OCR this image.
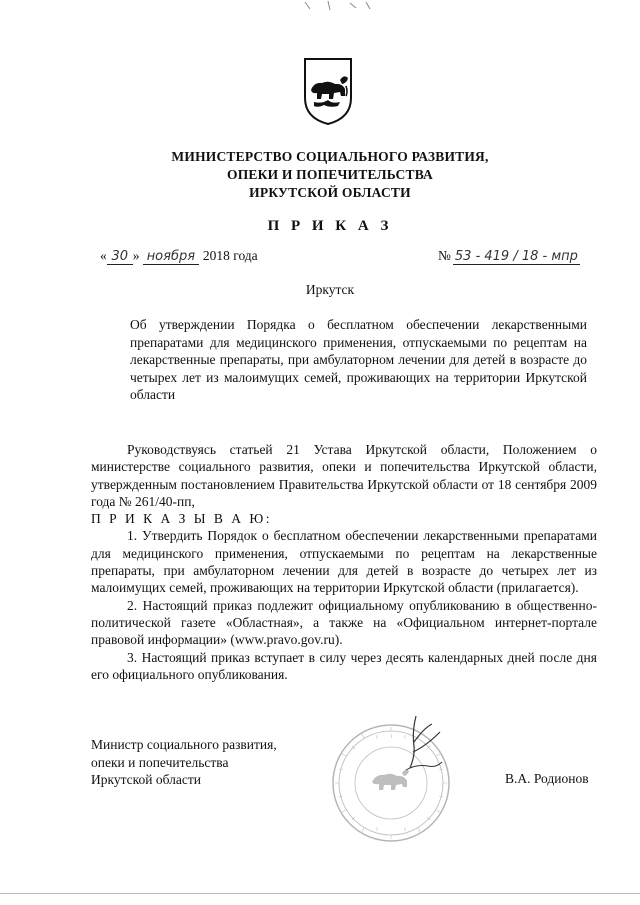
МИНИСТЕРСТВО СОЦИАЛЬНОГО РАЗВИТИЯ,
ОПЕКИ И ПОПЕЧИТЕЛЬСТВА
ИРКУТСКОЙ ОБЛАСТИ
П Р И К А З
« 30 » ноября 2018 года	№ 53 - 419 / 18 - мпр
Иркутск

Об утверждении Порядка о бесплатном обеспечении лекарственными препаратами для медицинского применения, отпускаемыми по рецептам на лекарственные препараты, при амбулаторном лечении для детей в возрасте до четырех лет из малоимущих семей, проживающих на территории Иркутской области

Руководствуясь статьей 21 Устава Иркутской области, Положением о министерстве социального развития, опеки и попечительства Иркутской области, утвержденным постановлением Правительства Иркутской области от 18 сентября 2009 года № 261/40-пп,

П Р И К А З Ы В А Ю:

1. Утвердить Порядок о бесплатном обеспечении лекарственными препаратами для медицинского применения, отпускаемыми по рецептам на лекарственные препараты, при амбулаторном лечении для детей в возрасте до четырех лет из малоимущих семей, проживающих на территории Иркутской области (прилагается).

2. Настоящий приказ подлежит официальному опубликованию в общественно-политической газете «Областная», а также на «Официальном интернет-портале правовой информации» (www.pravo.gov.ru).

3. Настоящий приказ вступает в силу через десять календарных дней после дня его официального опубликования.

Министр социального развития,
опеки и попечительства
Иркутской области	В.А. Родионов
